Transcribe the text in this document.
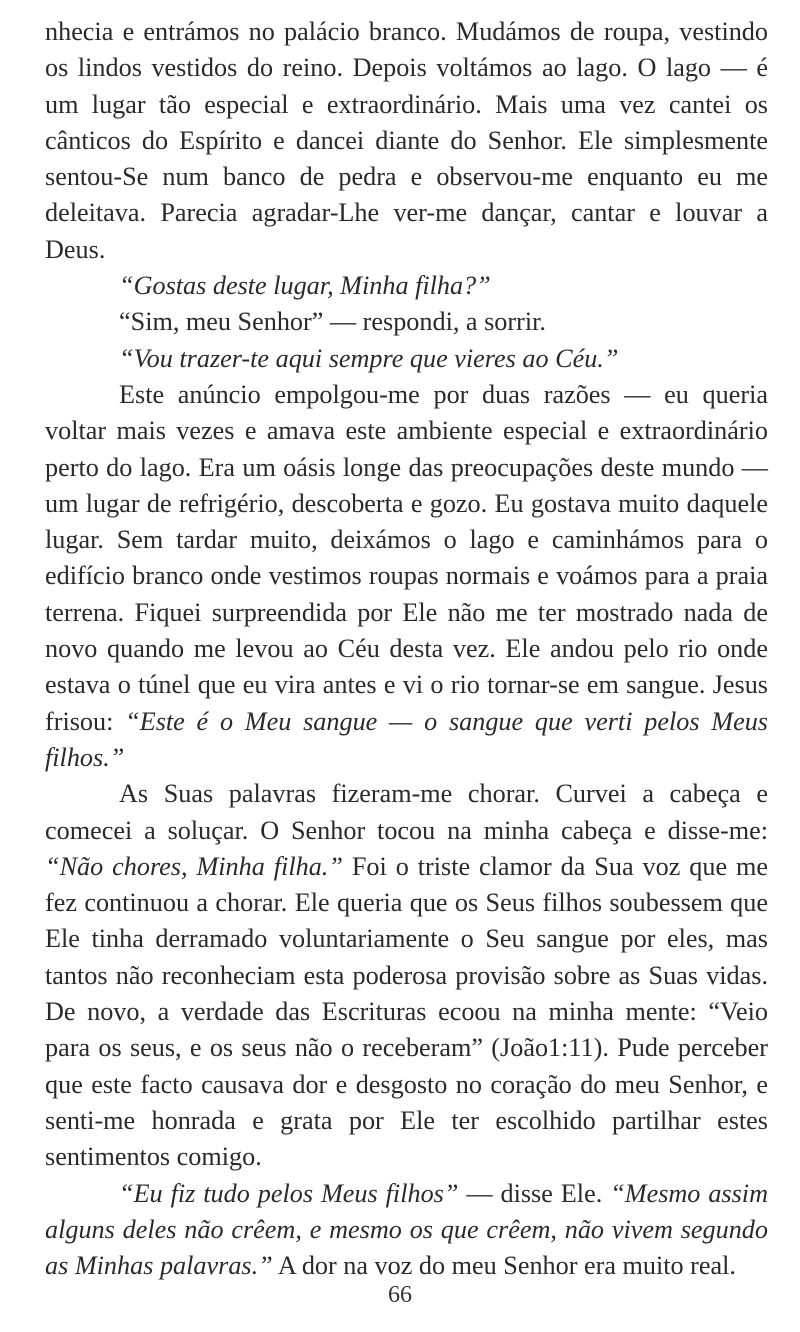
nhecia e entrámos no palácio branco. Mudámos de roupa, vestindo os lindos vestidos do reino. Depois voltámos ao lago. O lago — é um lugar tão especial e extraordinário. Mais uma vez cantei os cânticos do Espírito e dancei diante do Senhor. Ele simplesmente sentou-Se num banco de pedra e observou-me enquanto eu me deleitava. Parecia agradar-Lhe ver-me dançar, cantar e louvar a Deus.

“Gostas deste lugar, Minha filha?”

“Sim, meu Senhor” — respondi, a sorrir.

“Vou trazer-te aqui sempre que vieres ao Céu.”

Este anúncio empolgou-me por duas razões — eu queria voltar mais vezes e amava este ambiente especial e extraordinário perto do lago. Era um oásis longe das preocupações deste mundo — um lugar de refrigério, descoberta e gozo. Eu gostava muito daquele lugar. Sem tardar muito, deixámos o lago e caminhámos para o edifício branco onde vestimos roupas normais e voámos para a praia terrena. Fiquei surpreendida por Ele não me ter mostrado nada de novo quando me levou ao Céu desta vez. Ele andou pelo rio onde estava o túnel que eu vira antes e vi o rio tornar-se em sangue. Jesus frisou: “Este é o Meu sangue — o sangue que verti pelos Meus filhos.”

As Suas palavras fizeram-me chorar. Curvei a cabeça e comecei a soluçar. O Senhor tocou na minha cabeça e disse-me: “Não chores, Minha filha.” Foi o triste clamor da Sua voz que me fez continuou a chorar. Ele queria que os Seus filhos soubessem que Ele tinha derramado voluntariamente o Seu sangue por eles, mas tantos não reconheciam esta poderosa provisão sobre as Suas vidas. De novo, a verdade das Escrituras ecoou na minha mente: “Veio para os seus, e os seus não o receberam” (João1:11). Pude perceber que este facto causava dor e desgosto no coração do meu Senhor, e senti-me honrada e grata por Ele ter escolhido partilhar estes sentimentos comigo.

“Eu fiz tudo pelos Meus filhos” — disse Ele. “Mesmo assim alguns deles não crêem, e mesmo os que crêem, não vivem segundo as Minhas palavras.” A dor na voz do meu Senhor era muito real.

66
